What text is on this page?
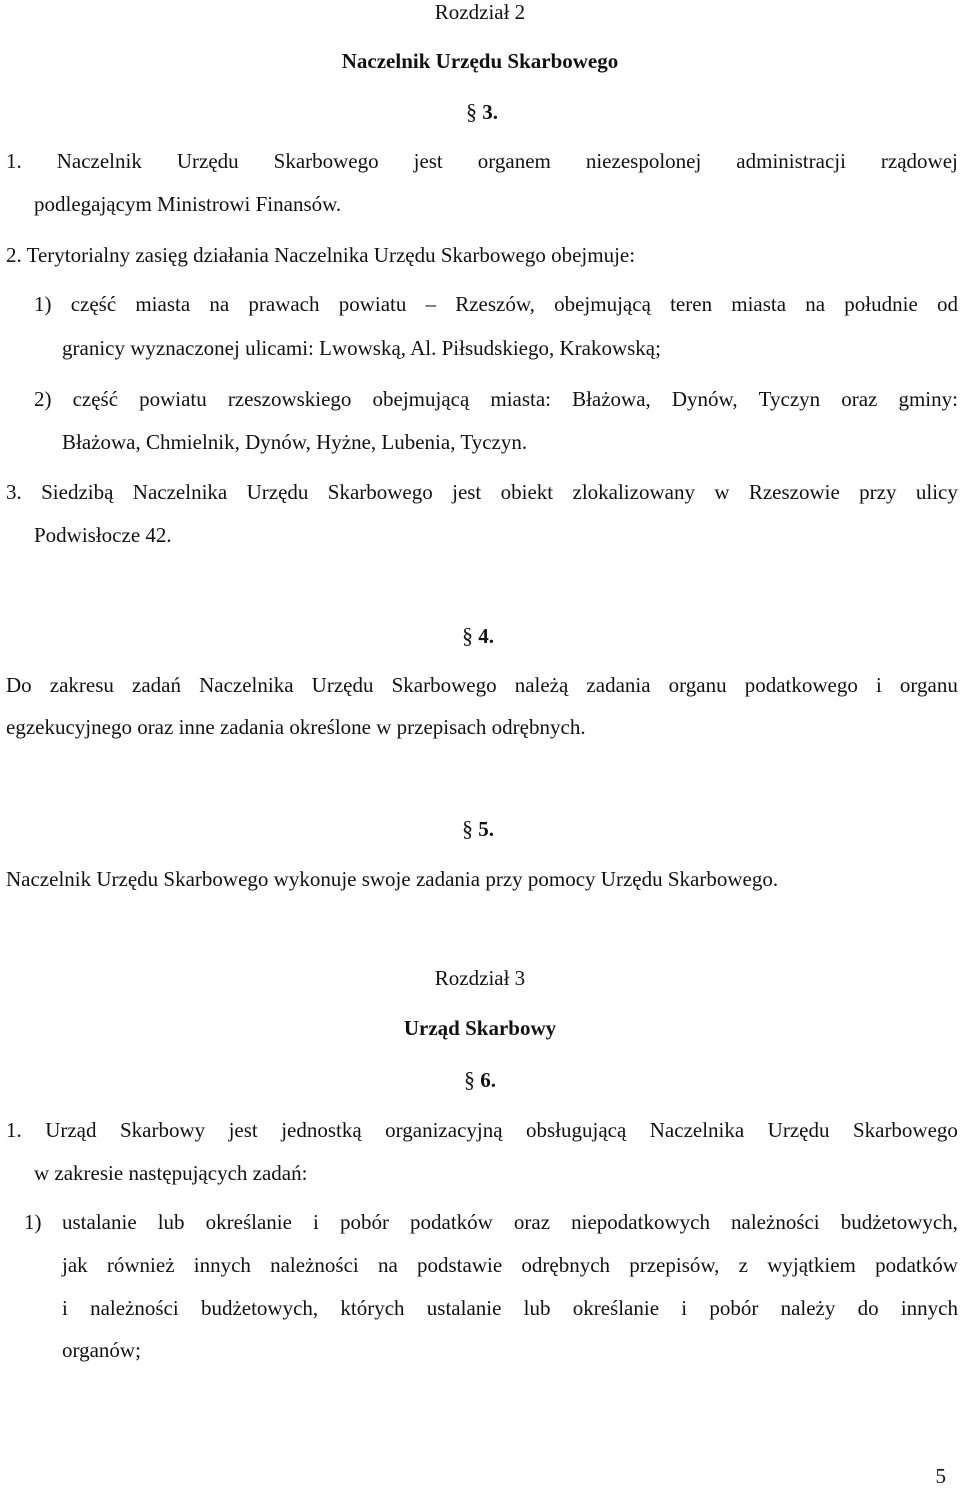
Rozdział 2
Naczelnik Urzędu Skarbowego
§ 3.
1. Naczelnik Urzędu Skarbowego jest organem niezespolonej administracji rządowej
podlegającym Ministrowi Finansów.
2. Terytorialny zasięg działania Naczelnika Urzędu Skarbowego obejmuje:
1) część miasta na prawach powiatu – Rzeszów, obejmującą teren miasta na południe od
granicy wyznaczonej ulicami: Lwowską, Al. Piłsudskiego, Krakowską;
2) część powiatu rzeszowskiego obejmującą miasta: Błażowa, Dynów, Tyczyn oraz gminy:
Błażowa, Chmielnik, Dynów, Hyżne, Lubenia, Tyczyn.
3. Siedzibą Naczelnika Urzędu Skarbowego jest obiekt zlokalizowany w Rzeszowie przy ulicy
Podwisłocze 42.
§ 4.
Do zakresu zadań Naczelnika Urzędu Skarbowego należą zadania organu podatkowego i organu
egzekucyjnego oraz inne zadania określone w przepisach odrębnych.
§ 5.
Naczelnik Urzędu Skarbowego wykonuje swoje zadania przy pomocy Urzędu Skarbowego.
Rozdział 3
Urząd Skarbowy
§ 6.
1. Urząd Skarbowy jest jednostką organizacyjną obsługującą Naczelnika Urzędu Skarbowego
w zakresie następujących zadań:
1) ustalanie lub określanie i pobór podatków oraz niepodatkowych należności budżetowych,
jak również innych należności na podstawie odrębnych przepisów, z wyjątkiem podatków
i należności budżetowych, których ustalanie lub określanie i pobór należy do innych
organów;
5
